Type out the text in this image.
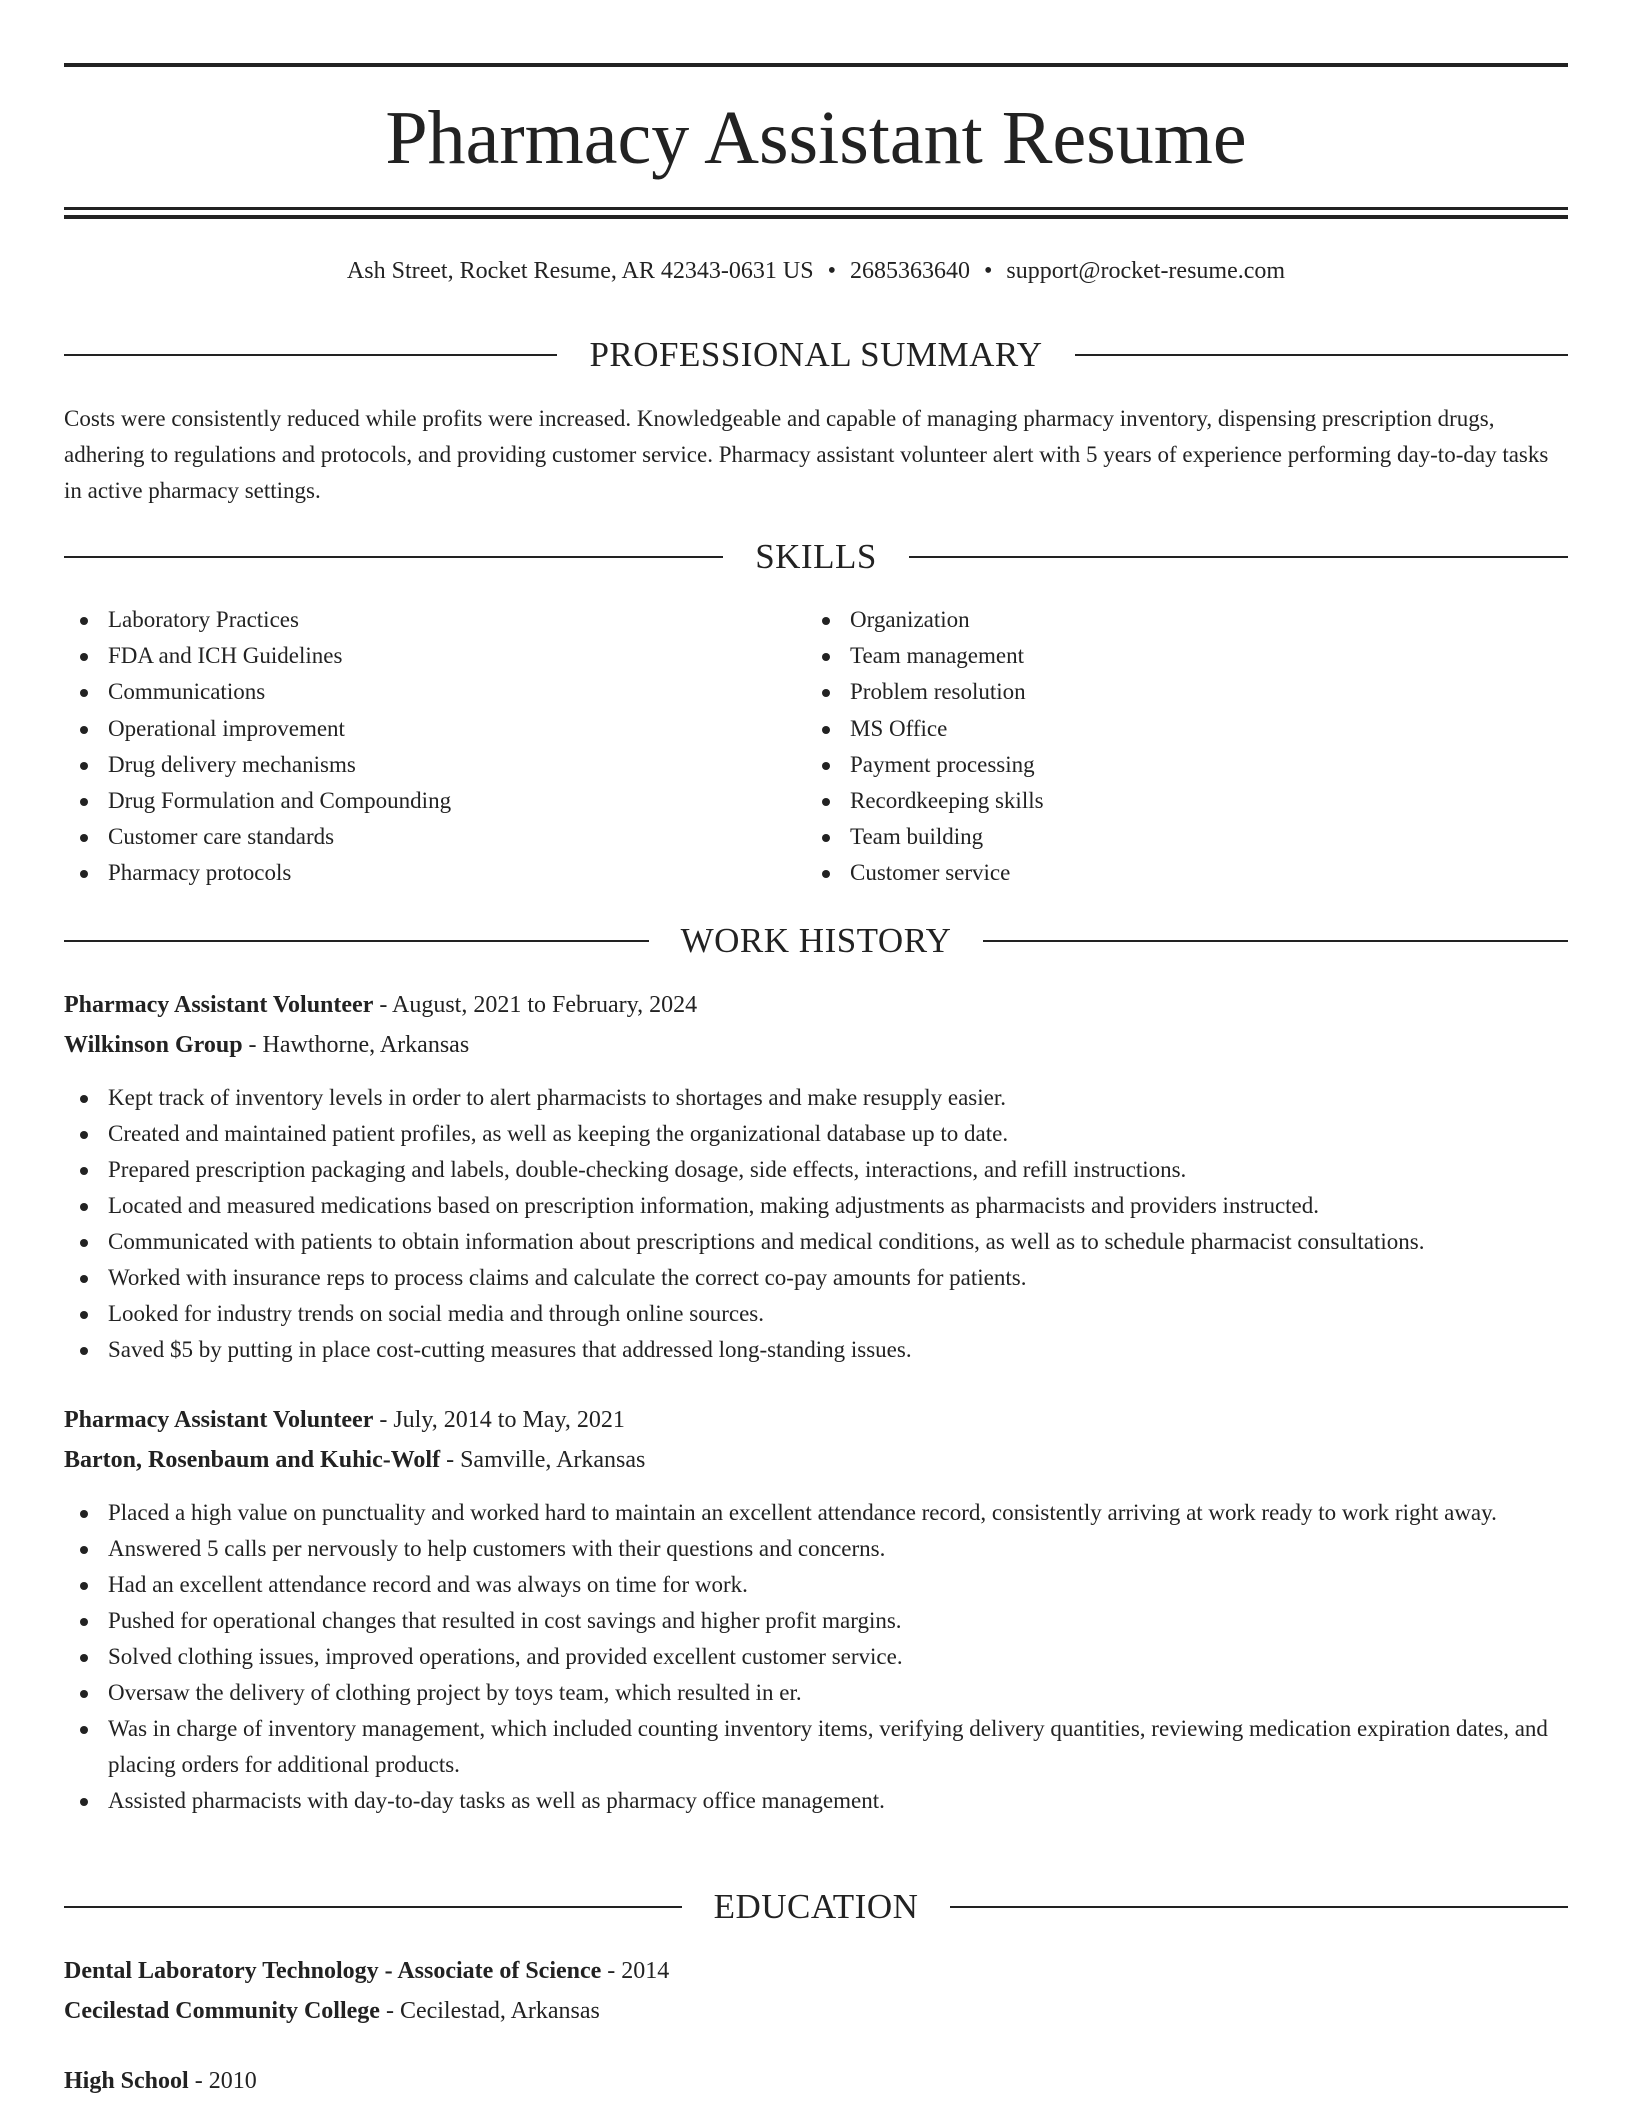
Pharmacy Assistant Resume
Ash Street, Rocket Resume, AR 42343-0631 US • 2685363640 • support@rocket-resume.com
PROFESSIONAL SUMMARY

Costs were consistently reduced while profits were increased. Knowledgeable and capable of managing pharmacy inventory, dispensing prescription drugs, adhering to regulations and protocols, and providing customer service. Pharmacy assistant volunteer alert with 5 years of experience performing day-to-day tasks in active pharmacy settings.

SKILLS
Laboratory Practices
FDA and ICH Guidelines
Communications
Operational improvement
Drug delivery mechanisms
Drug Formulation and Compounding
Customer care standards
Pharmacy protocols
Organization
Team management
Problem resolution
MS Office
Payment processing
Recordkeeping skills
Team building
Customer service
WORK HISTORY
Pharmacy Assistant Volunteer - August, 2021 to February, 2024
Wilkinson Group - Hawthorne, Arkansas
Kept track of inventory levels in order to alert pharmacists to shortages and make resupply easier.
Created and maintained patient profiles, as well as keeping the organizational database up to date.
Prepared prescription packaging and labels, double-checking dosage, side effects, interactions, and refill instructions.
Located and measured medications based on prescription information, making adjustments as pharmacists and providers instructed.
Communicated with patients to obtain information about prescriptions and medical conditions, as well as to schedule pharmacist consultations.
Worked with insurance reps to process claims and calculate the correct co-pay amounts for patients.
Looked for industry trends on social media and through online sources.
Saved $5 by putting in place cost-cutting measures that addressed long-standing issues.
Pharmacy Assistant Volunteer - July, 2014 to May, 2021
Barton, Rosenbaum and Kuhic-Wolf - Samville, Arkansas
Placed a high value on punctuality and worked hard to maintain an excellent attendance record, consistently arriving at work ready to work right away.
Answered 5 calls per nervously to help customers with their questions and concerns.
Had an excellent attendance record and was always on time for work.
Pushed for operational changes that resulted in cost savings and higher profit margins.
Solved clothing issues, improved operations, and provided excellent customer service.
Oversaw the delivery of clothing project by toys team, which resulted in er.
Was in charge of inventory management, which included counting inventory items, verifying delivery quantities, reviewing medication expiration dates, and placing orders for additional products.
Assisted pharmacists with day-to-day tasks as well as pharmacy office management.
EDUCATION
Dental Laboratory Technology - Associate of Science - 2014
Cecilestad Community College - Cecilestad, Arkansas
High School - 2010
